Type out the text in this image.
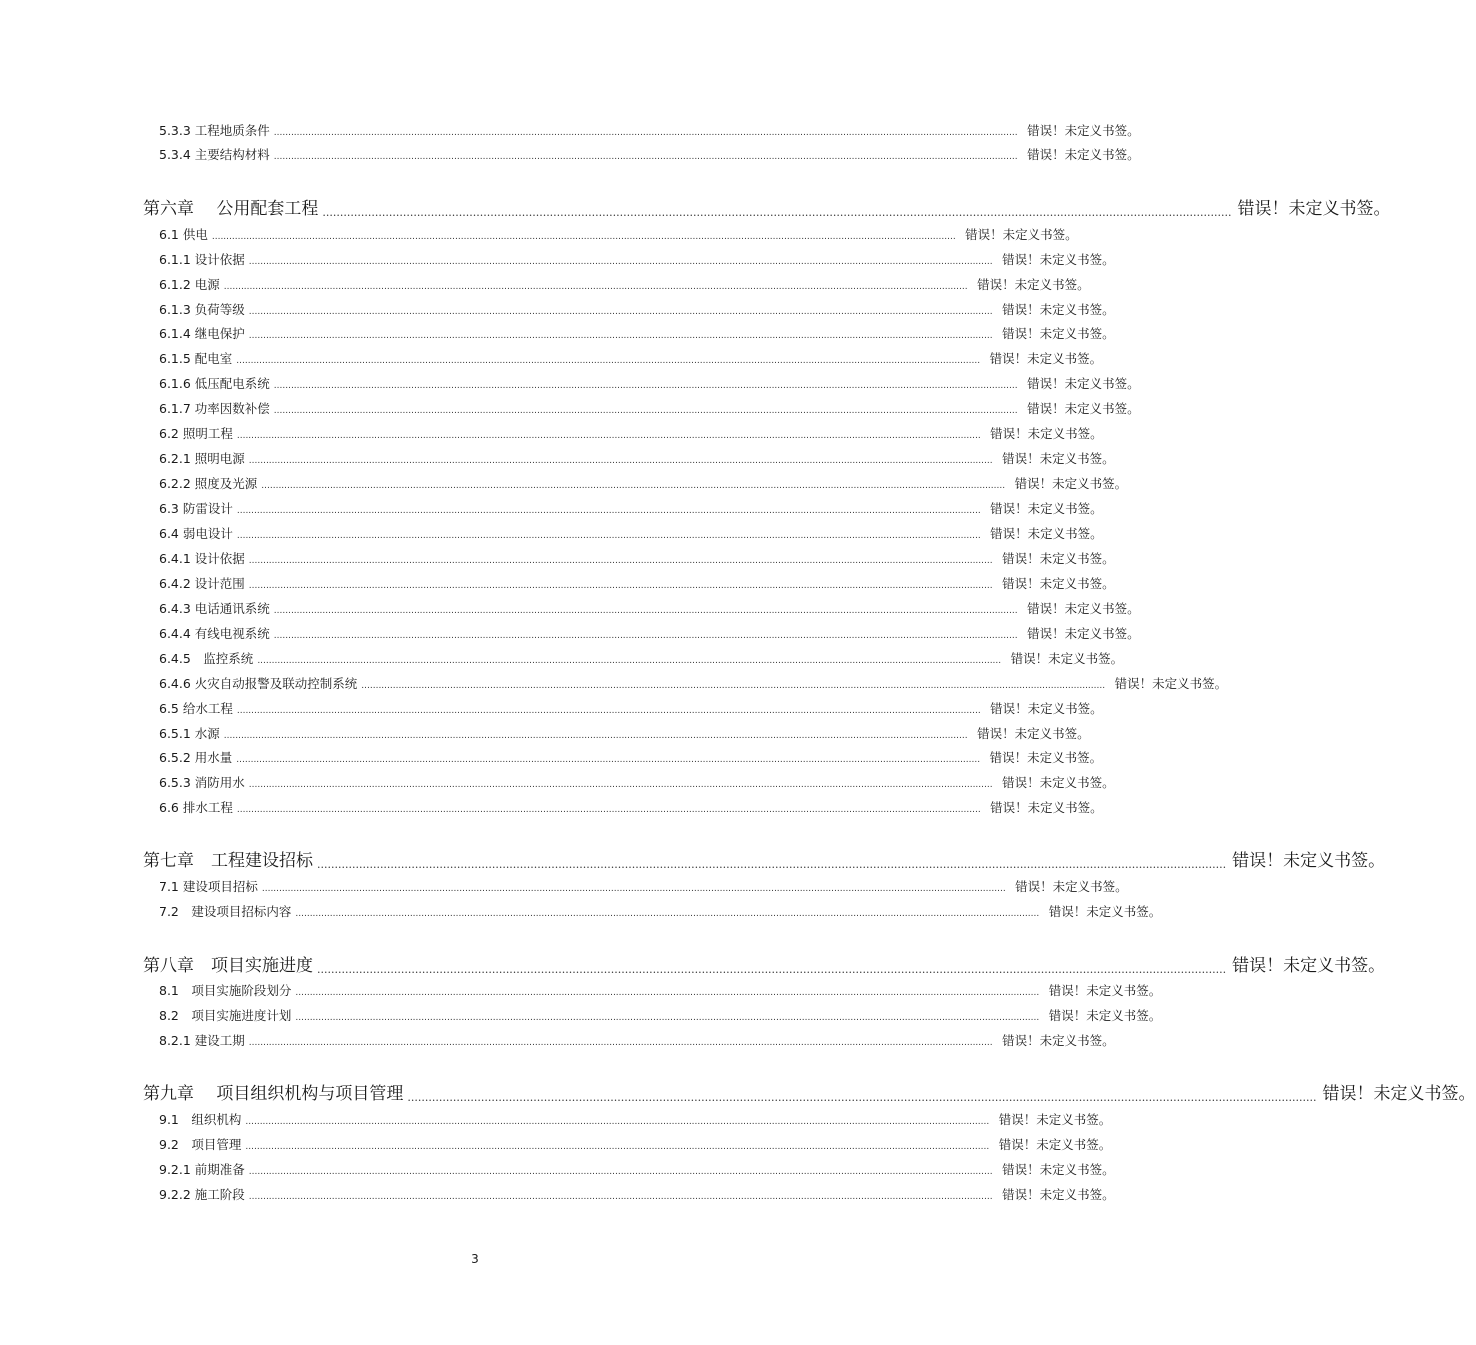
5.3.3 工程地质条件 .................................................................................................................................................................................................................................................................... 错误！未定义书签。
5.3.4 主要结构材料 .................................................................................................................................................................................................................................................................... 错误！未定义书签。
第六章　 公用配套工程 .................................................................................................................................................................................................................................................................... 错误！未定义书签。
6.1 供电 .................................................................................................................................................................................................................................................................... 错误！未定义书签。
6.1.1 设计依据 .................................................................................................................................................................................................................................................................... 错误！未定义书签。
6.1.2 电源 .................................................................................................................................................................................................................................................................... 错误！未定义书签。
6.1.3 负荷等级 .................................................................................................................................................................................................................................................................... 错误！未定义书签。
6.1.4 继电保护 .................................................................................................................................................................................................................................................................... 错误！未定义书签。
6.1.5 配电室 .................................................................................................................................................................................................................................................................... 错误！未定义书签。
6.1.6 低压配电系统 .................................................................................................................................................................................................................................................................... 错误！未定义书签。
6.1.7 功率因数补偿 .................................................................................................................................................................................................................................................................... 错误！未定义书签。
6.2 照明工程 .................................................................................................................................................................................................................................................................... 错误！未定义书签。
6.2.1 照明电源 .................................................................................................................................................................................................................................................................... 错误！未定义书签。
6.2.2 照度及光源 .................................................................................................................................................................................................................................................................... 错误！未定义书签。
6.3 防雷设计 .................................................................................................................................................................................................................................................................... 错误！未定义书签。
6.4 弱电设计 .................................................................................................................................................................................................................................................................... 错误！未定义书签。
6.4.1 设计依据 .................................................................................................................................................................................................................................................................... 错误！未定义书签。
6.4.2 设计范围 .................................................................................................................................................................................................................................................................... 错误！未定义书签。
6.4.3 电话通讯系统 .................................................................................................................................................................................................................................................................... 错误！未定义书签。
6.4.4 有线电视系统 .................................................................................................................................................................................................................................................................... 错误！未定义书签。
6.4.5　监控系统 .................................................................................................................................................................................................................................................................... 错误！未定义书签。
6.4.6 火灾自动报警及联动控制系统 .................................................................................................................................................................................................................................................................... 错误！未定义书签。
6.5 给水工程 .................................................................................................................................................................................................................................................................... 错误！未定义书签。
6.5.1 水源 .................................................................................................................................................................................................................................................................... 错误！未定义书签。
6.5.2 用水量 .................................................................................................................................................................................................................................................................... 错误！未定义书签。
6.5.3 消防用水 .................................................................................................................................................................................................................................................................... 错误！未定义书签。
6.6 排水工程 .................................................................................................................................................................................................................................................................... 错误！未定义书签。
第七章　工程建设招标 .................................................................................................................................................................................................................................................................... 错误！未定义书签。
7.1 建设项目招标 .................................................................................................................................................................................................................................................................... 错误！未定义书签。
7.2　建设项目招标内容 .................................................................................................................................................................................................................................................................... 错误！未定义书签。
第八章　项目实施进度 .................................................................................................................................................................................................................................................................... 错误！未定义书签。
8.1　项目实施阶段划分 .................................................................................................................................................................................................................................................................... 错误！未定义书签。
8.2　项目实施进度计划 .................................................................................................................................................................................................................................................................... 错误！未定义书签。
8.2.1 建设工期 .................................................................................................................................................................................................................................................................... 错误！未定义书签。
第九章　 项目组织机构与项目管理 .................................................................................................................................................................................................................................................................... 错误！未定义书签。
9.1　组织机构 .................................................................................................................................................................................................................................................................... 错误！未定义书签。
9.2　项目管理 .................................................................................................................................................................................................................................................................... 错误！未定义书签。
9.2.1 前期准备 .................................................................................................................................................................................................................................................................... 错误！未定义书签。
9.2.2 施工阶段 .................................................................................................................................................................................................................................................................... 错误！未定义书签。
3
